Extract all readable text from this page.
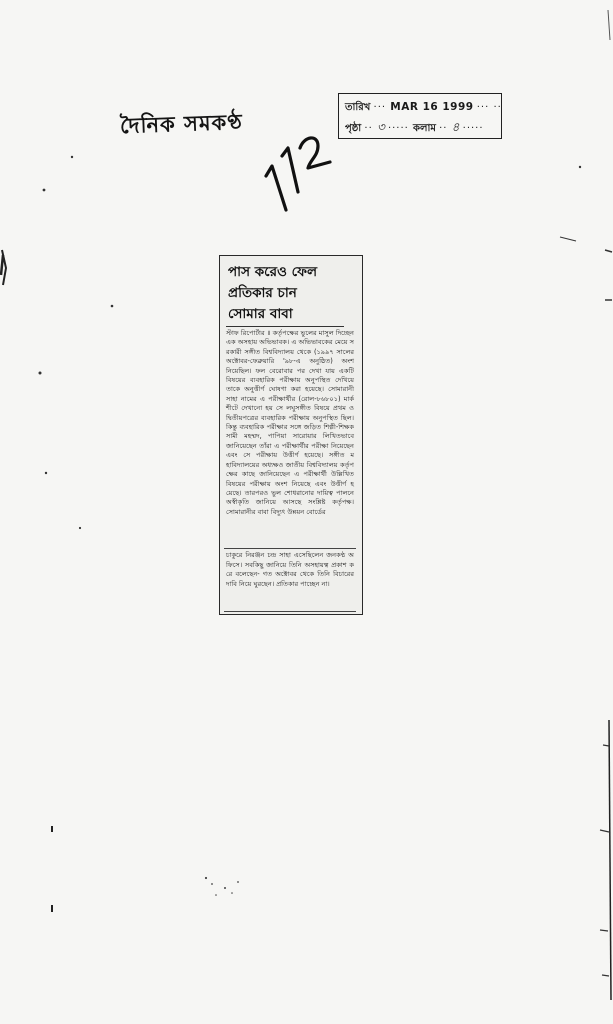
দৈনিক সমকণ্ঠ
তারিখ ··· MAR 16 1999 ··· ··
পৃষ্ঠা ·· ৩ ····· কলাম ·· ৪ ·····
পাস করেও ফেল
প্রতিকার চান
সোমার বাবা
স্টাফ রিপোর্টার ॥ কর্তৃপক্ষের ভুলের মাসুল দিচ্ছেন এক অসহায় অভিভাবক। এ অভিভাবকের মেয়ে সরকারী সঙ্গীত বিশ্ববিদ্যালয় থেকে (১৯৯৭ সালের অক্টোবর-ফেব্রুয়ারি '৯৮-এ অনুষ্ঠিত) অংশ নিয়েছিল। ফল বেরোবার পর দেখা যায় একটি বিষয়ের ব্যবহারিক পরীক্ষায় অনুপস্থিত দেখিয়ে তাকে অনুত্তীর্ণ ঘোষণা করা হয়েছে। সোমারানী সাহা নামের এ পরীক্ষার্থীর (রোল-৮৬৮০১) মার্কশীটে দেখানো হয় সে লঘুসঙ্গীত বিষয়ে প্রথম ও দ্বিতীয়পত্রের ব্যবহারিক পরীক্ষায় অনুপস্থিত ছিল। কিন্তু ব্যবহারিক পরীক্ষার সঙ্গে জড়িত শিল্পী-শিক্ষক সামী মহম্মদ, পাপিয়া সারোয়ার লিখিতভাবে জানিয়েছেন তাঁরা এ পরীক্ষার্থীর পরীক্ষা নিয়েছেন এবং সে পরীক্ষায় উত্তীর্ণ হয়েছে। সঙ্গীত মহাবিদ্যালয়ের অধ্যক্ষও জাতীয় বিশ্ববিদ্যালয় কর্তৃপক্ষের কাছে জানিয়েছেন এ পরীক্ষার্থী উল্লিখিত বিষয়ের পরীক্ষায় অংশ নিয়েছে এবং উত্তীর্ণ হয়েছে। তারপরও ভুল শোধরানোর দায়িত্ব পালনে অস্বীকৃতি জানিয়ে আসছে সংশ্লিষ্ট কর্তৃপক্ষ। সোমারানীর বাবা বিদ্যুৎ উন্নয়ন বোর্ডের
চাকুরে নিরঞ্জন চন্দ্র সাহা এসেছিলেন জনকণ্ঠ অফিসে। সবকিছু জানিয়ে তিনি অসহায়ত্ব প্রকাশ করে বলেছেন- গত অক্টোবর থেকে তিনি বিচারের দাবি নিয়ে ঘুরছেন। প্রতিকার পাচ্ছেন না।
